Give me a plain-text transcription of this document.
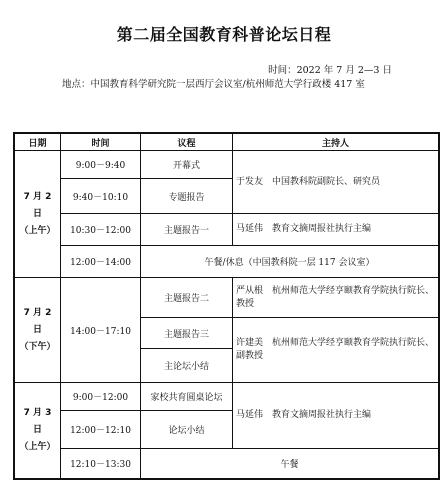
第二届全国教育科普论坛日程
时间：2022 年 7 月 2—3 日
地点：中国教育科学研究院一层西厅会议室/杭州师范大学行政楼 417 室
日期	时间	议程	主持人

7 月 2 日
（上午）	9:00－9:40	开幕式	于发友　中国教科院副院长、研究员
	9:40－10:10	专题报告	
	10:30－12:00	主题报告一	马延伟　教育文摘周报社执行主编
	12:00－14:00	午餐/休息（中国教科院一层 117 会议室）	

7 月 2 日
（下午）	14:00－17:10	主题报告二	严从根　杭州师范大学经亨颐教育学院执行院长、教授
		主题报告三	许建美　杭州师范大学经亨颐教育学院执行院长、副教授
		主论坛小结	

7 月 3 日
（上午）	9:00－12:00	家校共育圆桌论坛	马延伟　教育文摘周报社执行主编
	12:00－12:10	论坛小结	
	12:10－13:30	午餐	
